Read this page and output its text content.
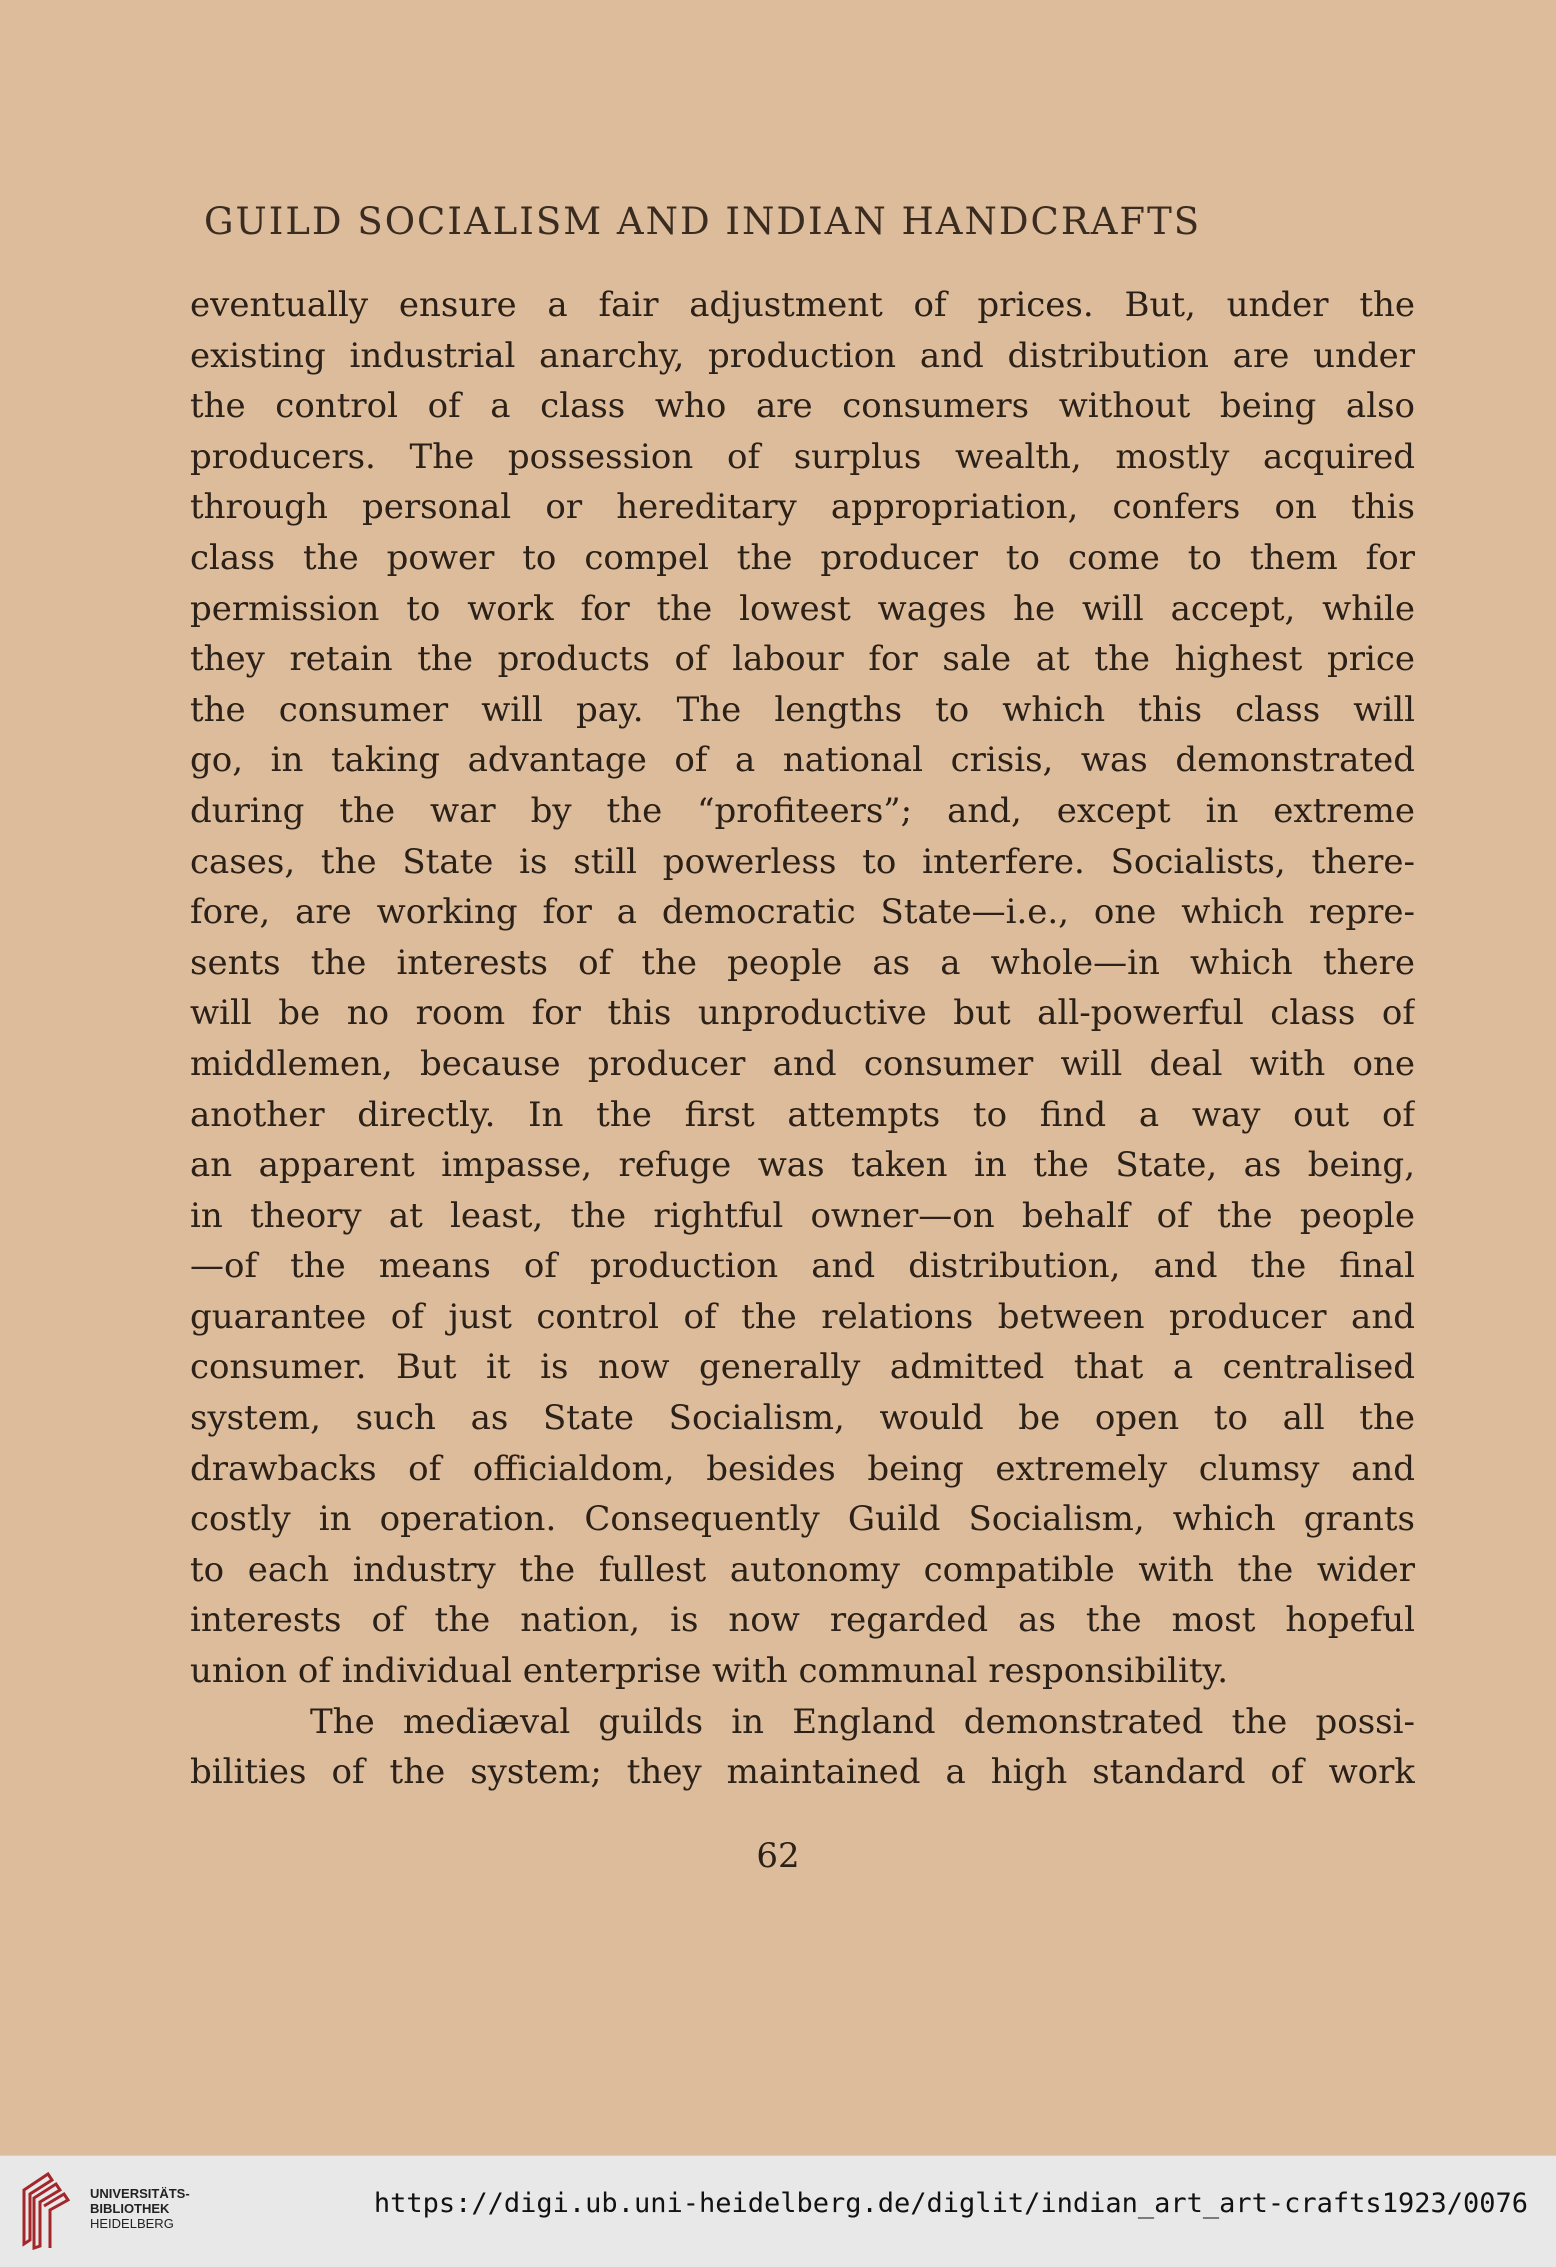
GUILD SOCIALISM AND INDIAN HANDCRAFTS
eventually ensure a fair adjustment of prices. But, under the
existing industrial anarchy, production and distribution are under
the control of a class who are consumers without being also
producers. The possession of surplus wealth, mostly acquired
through personal or hereditary appropriation, confers on this
class the power to compel the producer to come to them for
permission to work for the lowest wages he will accept, while
they retain the products of labour for sale at the highest price
the consumer will pay. The lengths to which this class will
go, in taking advantage of a national crisis, was demonstrated
during the war by the “profiteers”; and, except in extreme
cases, the State is still powerless to interfere. Socialists, there-
fore, are working for a democratic State—i.e., one which repre-
sents the interests of the people as a whole—in which there
will be no room for this unproductive but all-powerful class of
middlemen, because producer and consumer will deal with one
another directly. In the first attempts to find a way out of
an apparent impasse, refuge was taken in the State, as being,
in theory at least, the rightful owner—on behalf of the people
—of the means of production and distribution, and the final
guarantee of just control of the relations between producer and
consumer. But it is now generally admitted that a centralised
system, such as State Socialism, would be open to all the
drawbacks of officialdom, besides being extremely clumsy and
costly in operation. Consequently Guild Socialism, which grants
to each industry the fullest autonomy compatible with the wider
interests of the nation, is now regarded as the most hopeful
union of individual enterprise with communal responsibility.
The mediæval guilds in England demonstrated the possi-
bilities of the system; they maintained a high standard of work
62
UNIVERSITÄTS-
BIBLIOTHEK
HEIDELBERG
https://digi.ub.uni-heidelberg.de/diglit/indian_art_art-crafts1923/0076
